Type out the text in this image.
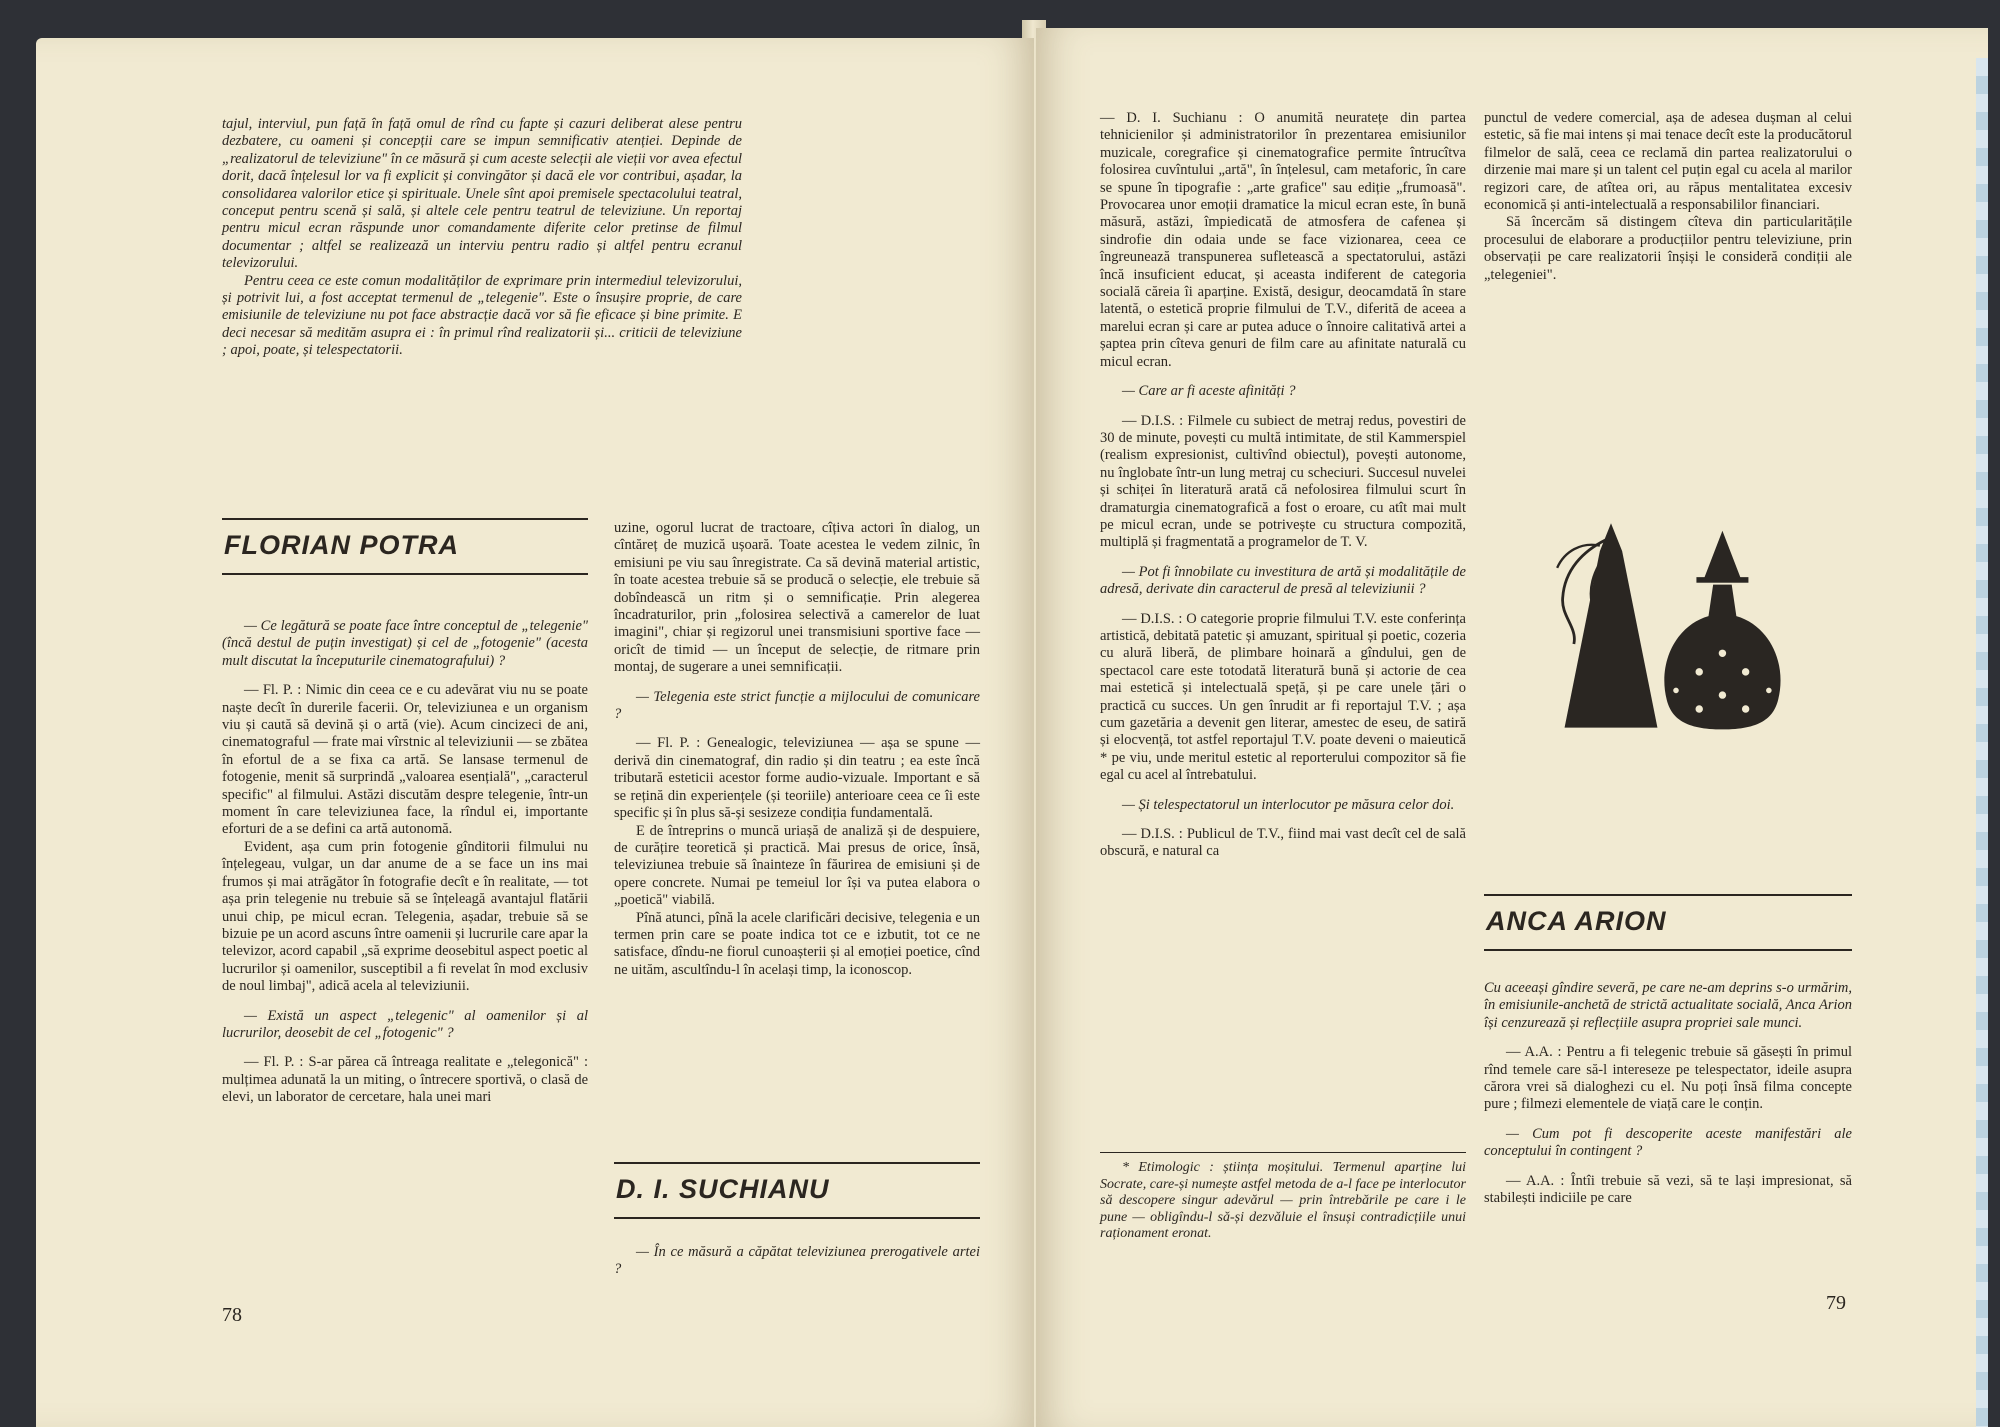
tajul, interviul, pun față în față omul de rînd cu fapte și cazuri deliberat alese pentru dezbatere, cu oameni și concepții care se impun semnificativ atenției. Depinde de „realizatorul de televiziune" în ce măsură și cum aceste selecții ale vieții vor avea efectul dorit, dacă înțelesul lor va fi explicit și convingător și dacă ele vor contribui, așadar, la consolidarea valorilor etice și spirituale. Unele sînt apoi premisele spectacolului teatral, conceput pentru scenă și sală, și altele cele pentru teatrul de televiziune. Un reportaj pentru micul ecran răspunde unor comandamente diferite celor pretinse de filmul documentar ; altfel se realizează un interviu pentru radio și altfel pentru ecranul televizorului.

Pentru ceea ce este comun modalităților de exprimare prin intermediul televizorului, și potrivit lui, a fost acceptat termenul de „telegenie". Este o însușire proprie, de care emisiunile de televiziune nu pot face abstracție dacă vor să fie eficace și bine primite. E deci necesar să medităm asupra ei : în primul rînd realizatorii și... criticii de televiziune ; apoi, poate, și telespectatorii.

FLORIAN POTRA

— Ce legătură se poate face între conceptul de „telegenie" (încă destul de puțin investigat) și cel de „fotogenie" (acesta mult discutat la începuturile cinematografului) ?

— Fl. P. : Nimic din ceea ce e cu adevărat viu nu se poate naște decît în durerile facerii. Or, televiziunea e un organism viu și caută să devină și o artă (vie). Acum cincizeci de ani, cinematograful — frate mai vîrstnic al televiziunii — se zbătea în efortul de a se fixa ca artă. Se lansase termenul de fotogenie, menit să surprindă „valoarea esențială", „caracterul specific" al filmului. Astăzi discutăm despre telegenie, într-un moment în care televiziunea face, la rîndul ei, importante eforturi de a se defini ca artă autonomă.

Evident, așa cum prin fotogenie gînditorii filmului nu înțelegeau, vulgar, un dar anume de a se face un ins mai frumos și mai atrăgător în fotografie decît e în realitate, — tot așa prin telegenie nu trebuie să se înțeleagă avantajul flatării unui chip, pe micul ecran. Telegenia, așadar, trebuie să se bizuie pe un acord ascuns între oamenii și lucrurile care apar la televizor, acord capabil „să exprime deosebitul aspect poetic al lucrurilor și oamenilor, susceptibil a fi revelat în mod exclusiv de noul limbaj", adică acela al televiziunii.

— Există un aspect „telegenic" al oamenilor și al lucrurilor, deosebit de cel „fotogenic" ?

— Fl. P. : S-ar părea că întreaga realitate e „telegonică" : mulțimea adunată la un miting, o întrecere sportivă, o clasă de elevi, un laborator de cercetare, hala unei mari

uzine, ogorul lucrat de tractoare, cîțiva actori în dialog, un cîntăreț de muzică ușoară. Toate acestea le vedem zilnic, în emisiuni pe viu sau înregistrate. Ca să devină material artistic, în toate acestea trebuie să se producă o selecție, ele trebuie să dobîndească un ritm și o semnificație. Prin alegerea încadraturilor, prin „folosirea selectivă a camerelor de luat imagini", chiar și regizorul unei transmisiuni sportive face — oricît de timid — un început de selecție, de ritmare prin montaj, de sugerare a unei semnificații.

— Telegenia este strict funcție a mijlocului de comunicare ?

— Fl. P. : Genealogic, televiziunea — așa se spune — derivă din cinematograf, din radio și din teatru ; ea este încă tributară esteticii acestor forme audio-vizuale. Important e să se rețină din experiențele (și teoriile) anterioare ceea ce îi este specific și în plus să-și sesizeze condiția fundamentală.

E de întreprins o muncă uriașă de analiză și de despuiere, de curățire teoretică și practică. Mai presus de orice, însă, televiziunea trebuie să înainteze în făurirea de emisiuni și de opere concrete. Numai pe temeiul lor își va putea elabora o „poetică" viabilă.

Pînă atunci, pînă la acele clarificări decisive, telegenia e un termen prin care se poate indica tot ce e izbutit, tot ce ne satisface, dîndu-ne fiorul cunoașterii și al emoției poetice, cînd ne uităm, ascultîndu-l în același timp, la iconoscop.

D. I. SUCHIANU

— În ce măsură a căpătat televiziunea prerogativele artei ?

78

— D. I. Suchianu : O anumită neuratețe din partea tehnicienilor și administratorilor în prezentarea emisiunilor muzicale, coregrafice și cinematografice permite întrucîtva folosirea cuvîntului „artă", în înțelesul, cam metaforic, în care se spune în tipografie : „arte grafice" sau ediție „frumoasă". Provocarea unor emoții dramatice la micul ecran este, în bună măsură, astăzi, împiedicată de atmosfera de cafenea și sindrofie din odaia unde se face vizionarea, ceea ce îngreunează transpunerea sufletească a spectatorului, astăzi încă insuficient educat, și aceasta indiferent de categoria socială căreia îi aparține. Există, desigur, deocamdată în stare latentă, o estetică proprie filmului de T.V., diferită de aceea a marelui ecran și care ar putea aduce o înnoire calitativă artei a șaptea prin cîteva genuri de film care au afinitate naturală cu micul ecran.

— Care ar fi aceste afinități ?

— D.I.S. : Filmele cu subiect de metraj redus, povestiri de 30 de minute, povești cu multă intimitate, de stil Kammerspiel (realism expresionist, cultivînd obiectul), povești autonome, nu înglobate într-un lung metraj cu scheciuri. Succesul nuvelei și schiței în literatură arată că nefolosirea filmului scurt în dramaturgia cinematografică a fost o eroare, cu atît mai mult pe micul ecran, unde se potrivește cu structura compozită, multiplă și fragmentată a programelor de T. V.

— Pot fi înnobilate cu investitura de artă și modalitățile de adresă, derivate din caracterul de presă al televiziunii ?

— D.I.S. : O categorie proprie filmului T.V. este conferința artistică, debitată patetic și amuzant, spiritual și poetic, cozeria cu alură liberă, de plimbare hoinară a gîndului, gen de spectacol care este totodată literatură bună și actorie de cea mai estetică și intelectuală speță, și pe care unele țări o practică cu succes. Un gen înrudit ar fi reportajul T.V. ; așa cum gazetăria a devenit gen literar, amestec de eseu, de satiră și elocvență, tot astfel reportajul T.V. poate deveni o maieutică * pe viu, unde meritul estetic al reporterului compozitor să fie egal cu acel al întrebatului.

— Și telespectatorul un interlocutor pe măsura celor doi.

— D.I.S. : Publicul de T.V., fiind mai vast decît cel de sală obscură, e natural ca

* Etimologic : știința moșitului. Termenul aparține lui Socrate, care-și numește astfel metoda de a-l face pe interlocutor să descopere singur adevărul — prin întrebările pe care i le pune — obligîndu-l să-și dezvăluie el însuși contradicțiile unui raționament eronat.

punctul de vedere comercial, așa de adesea dușman al celui estetic, să fie mai intens și mai tenace decît este la producătorul filmelor de sală, ceea ce reclamă din partea realizatorului o dirzenie mai mare și un talent cel puțin egal cu acela al marilor regizori care, de atîtea ori, au răpus mentalitatea excesiv economică și anti-intelectuală a responsabililor financiari.

Să încercăm să distingem cîteva din particularitățile procesului de elaborare a producțiilor pentru televiziune, prin observații pe care realizatorii înșiși le consideră condiții ale „telegeniei".

ANCA ARION

Cu aceeași gîndire severă, pe care ne-am deprins s-o urmărim, în emisiunile-anchetă de strictă actualitate socială, Anca Arion își cenzurează și reflecțiile asupra propriei sale munci.

— A.A. : Pentru a fi telegenic trebuie să găsești în primul rînd temele care să-l intereseze pe telespectator, ideile asupra cărora vrei să dialoghezi cu el. Nu poți însă filma concepte pure ; filmezi elementele de viață care le conțin.

— Cum pot fi descoperite aceste manifestări ale conceptului în contingent ?

— A.A. : Întîi trebuie să vezi, să te lași impresionat, să stabilești indiciile pe care

79
